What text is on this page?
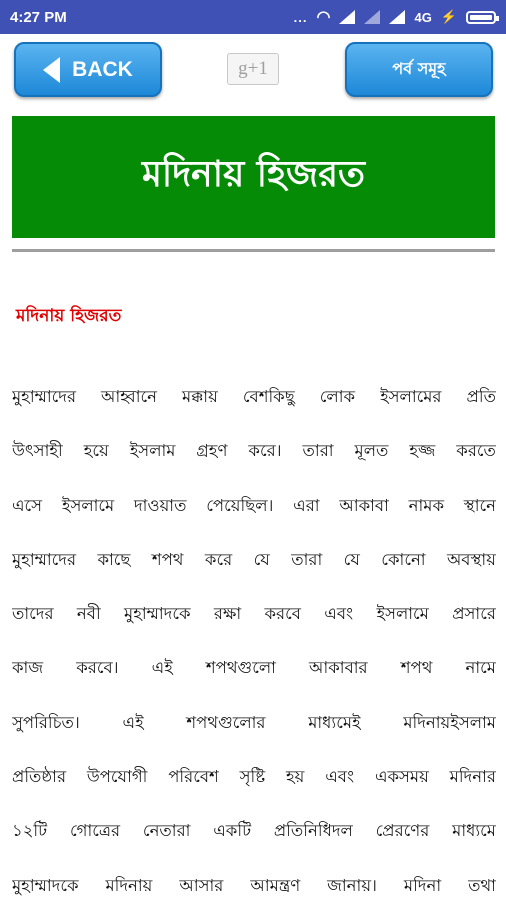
4:27 PM	... ◠	4G ⚡
BACK	g+1	পর্ব সমূহ
মদিনায় হিজরত
মদিনায় হিজরত
মুহাম্মাদের আহ্বানে মক্কায় বেশকিছু লোক ইসলামের প্রতি
উৎসাহী হয়ে ইসলাম গ্রহণ করে। তারা মূলত হজ্জ করতে
এসে ইসলামে দাওয়াত পেয়েছিল। এরা আকাবা নামক স্থানে
মুহাম্মাদের কাছে শপথ করে যে তারা যে কোনো অবস্থায়
তাদের নবী মুহাম্মাদকে রক্ষা করবে এবং ইসলামে প্রসারে
কাজ করবে। এই শপথগুলো আকাবার শপথ নামে
সুপরিচিত।	এই	শপথগুলোর	মাধ্যমেই	মদিনায়ইসলাম
প্রতিষ্ঠার উপযোগী পরিবেশ সৃষ্টি হয় এবং একসময় মদিনার
১২টি গোত্রের নেতারা একটি প্রতিনিধিদল প্রেরণের মাধ্যমে
মুহাম্মাদকে মদিনায় আসার আমন্ত্রণ জানায়। মদিনা তথা
